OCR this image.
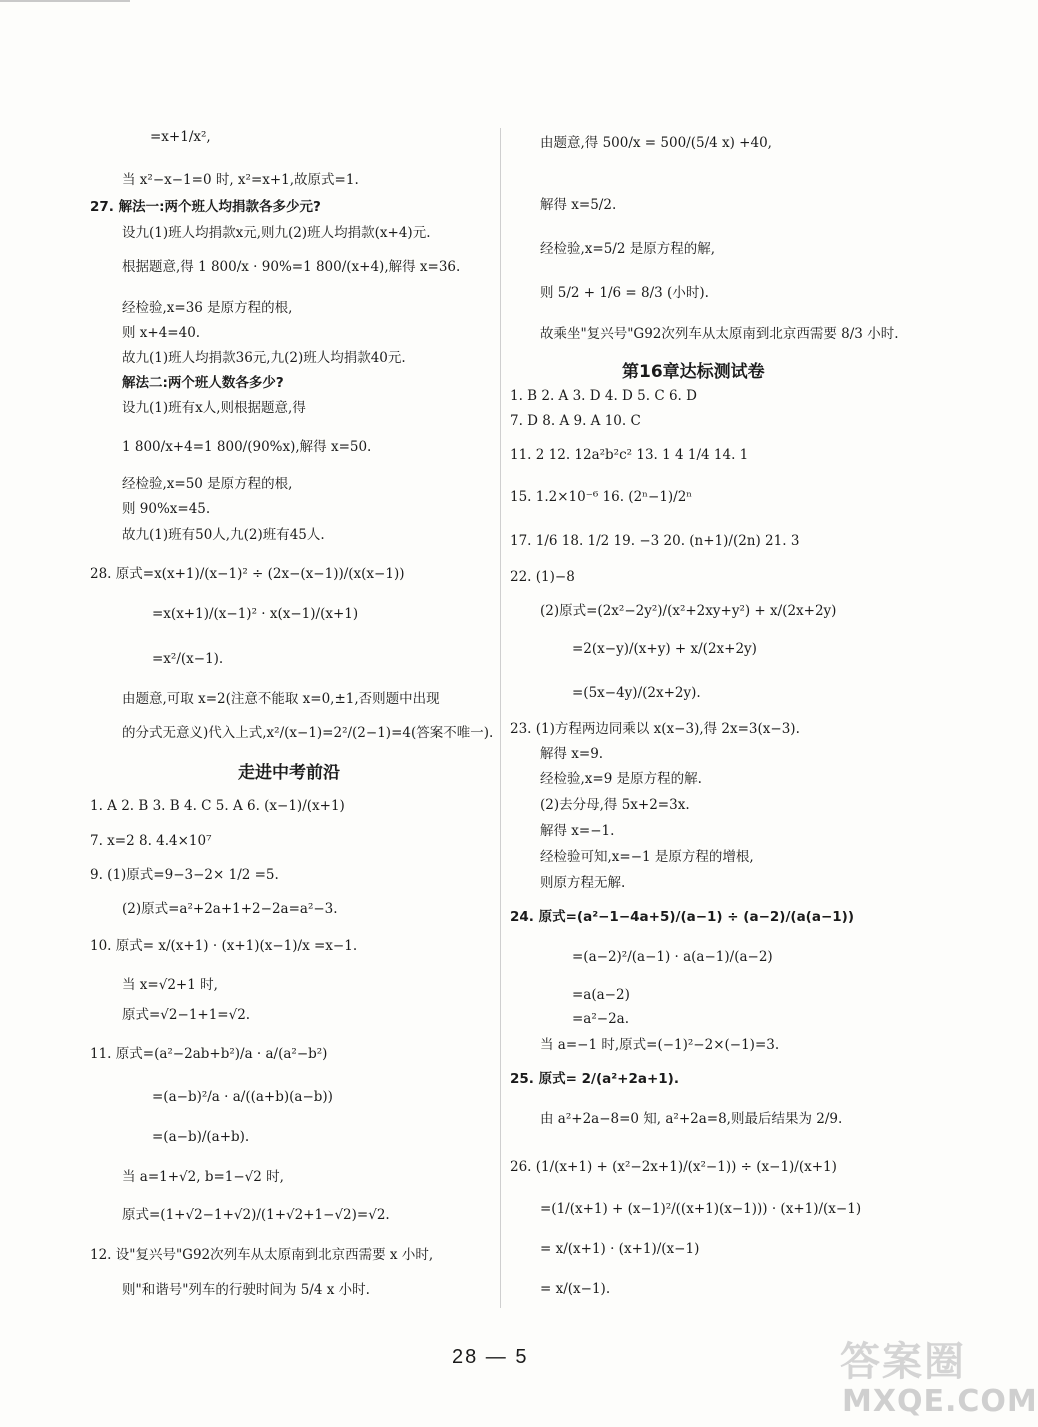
=x+1/x²,
当 x²−x−1=0 时, x²=x+1,故原式=1.
27. 解法一:两个班人均捐款各多少元?
设九(1)班人均捐款x元,则九(2)班人均捐款(x+4)元.
根据题意,得 1 800/x · 90%=1 800/(x+4),解得 x=36.
经检验,x=36 是原方程的根,
则 x+4=40.
故九(1)班人均捐款36元,九(2)班人均捐款40元.
解法二:两个班人数各多少?
设九(1)班有x人,则根据题意,得
1 800/x+4=1 800/(90%x),解得 x=50.
经检验,x=50 是原方程的根,
则 90%x=45.
故九(1)班有50人,九(2)班有45人.
28. 原式=x(x+1)/(x−1)² ÷ (2x−(x−1))/(x(x−1))
=x(x+1)/(x−1)² · x(x−1)/(x+1)
=x²/(x−1).
由题意,可取 x=2(注意不能取 x=0,±1,否则题中出现
的分式无意义)代入上式,x²/(x−1)=2²/(2−1)=4(答案不唯一).
走进中考前沿
1. A 2. B 3. B 4. C 5. A 6. (x−1)/(x+1)
7. x=2 8. 4.4×10⁷
9. (1)原式=9−3−2× 1/2 =5.
(2)原式=a²+2a+1+2−2a=a²−3.
10. 原式= x/(x+1) · (x+1)(x−1)/x =x−1.
当 x=√2+1 时,
原式=√2−1+1=√2.
11. 原式=(a²−2ab+b²)/a · a/(a²−b²)
=(a−b)²/a · a/((a+b)(a−b))
=(a−b)/(a+b).
当 a=1+√2, b=1−√2 时,
原式=(1+√2−1+√2)/(1+√2+1−√2)=√2.
12. 设"复兴号"G92次列车从太原南到北京西需要 x 小时,
则"和谐号"列车的行驶时间为 5/4 x 小时.
由题意,得 500/x = 500/(5/4 x) +40,
解得 x=5/2.
经检验,x=5/2 是原方程的解,
则 5/2 + 1/6 = 8/3 (小时).
故乘坐"复兴号"G92次列车从太原南到北京西需要 8/3 小时.
第16章达标测试卷
1. B 2. A 3. D 4. D 5. C 6. D
7. D 8. A 9. A 10. C
11. 2 12. 12a²b²c² 13. 1 4 1/4 14. 1
15. 1.2×10⁻⁶ 16. (2ⁿ−1)/2ⁿ
17. 1/6 18. 1/2 19. −3 20. (n+1)/(2n) 21. 3
22. (1)−8
(2)原式=(2x²−2y²)/(x²+2xy+y²) + x/(2x+2y)
=2(x−y)/(x+y) + x/(2x+2y)
=(5x−4y)/(2x+2y).
23. (1)方程两边同乘以 x(x−3),得 2x=3(x−3).
解得 x=9.
经检验,x=9 是原方程的解.
(2)去分母,得 5x+2=3x.
解得 x=−1.
经检验可知,x=−1 是原方程的增根,
则原方程无解.
24. 原式=(a²−1−4a+5)/(a−1) ÷ (a−2)/(a(a−1))
=(a−2)²/(a−1) · a(a−1)/(a−2)
=a(a−2)
=a²−2a.
当 a=−1 时,原式=(−1)²−2×(−1)=3.
25. 原式= 2/(a²+2a+1).
由 a²+2a−8=0 知, a²+2a=8,则最后结果为 2/9.
26. (1/(x+1) + (x²−2x+1)/(x²−1)) ÷ (x−1)/(x+1)
=(1/(x+1) + (x−1)²/((x+1)(x−1))) · (x+1)/(x−1)
= x/(x+1) · (x+1)/(x−1)
= x/(x−1).
28 — 5	答案圈
MXQE.COM
